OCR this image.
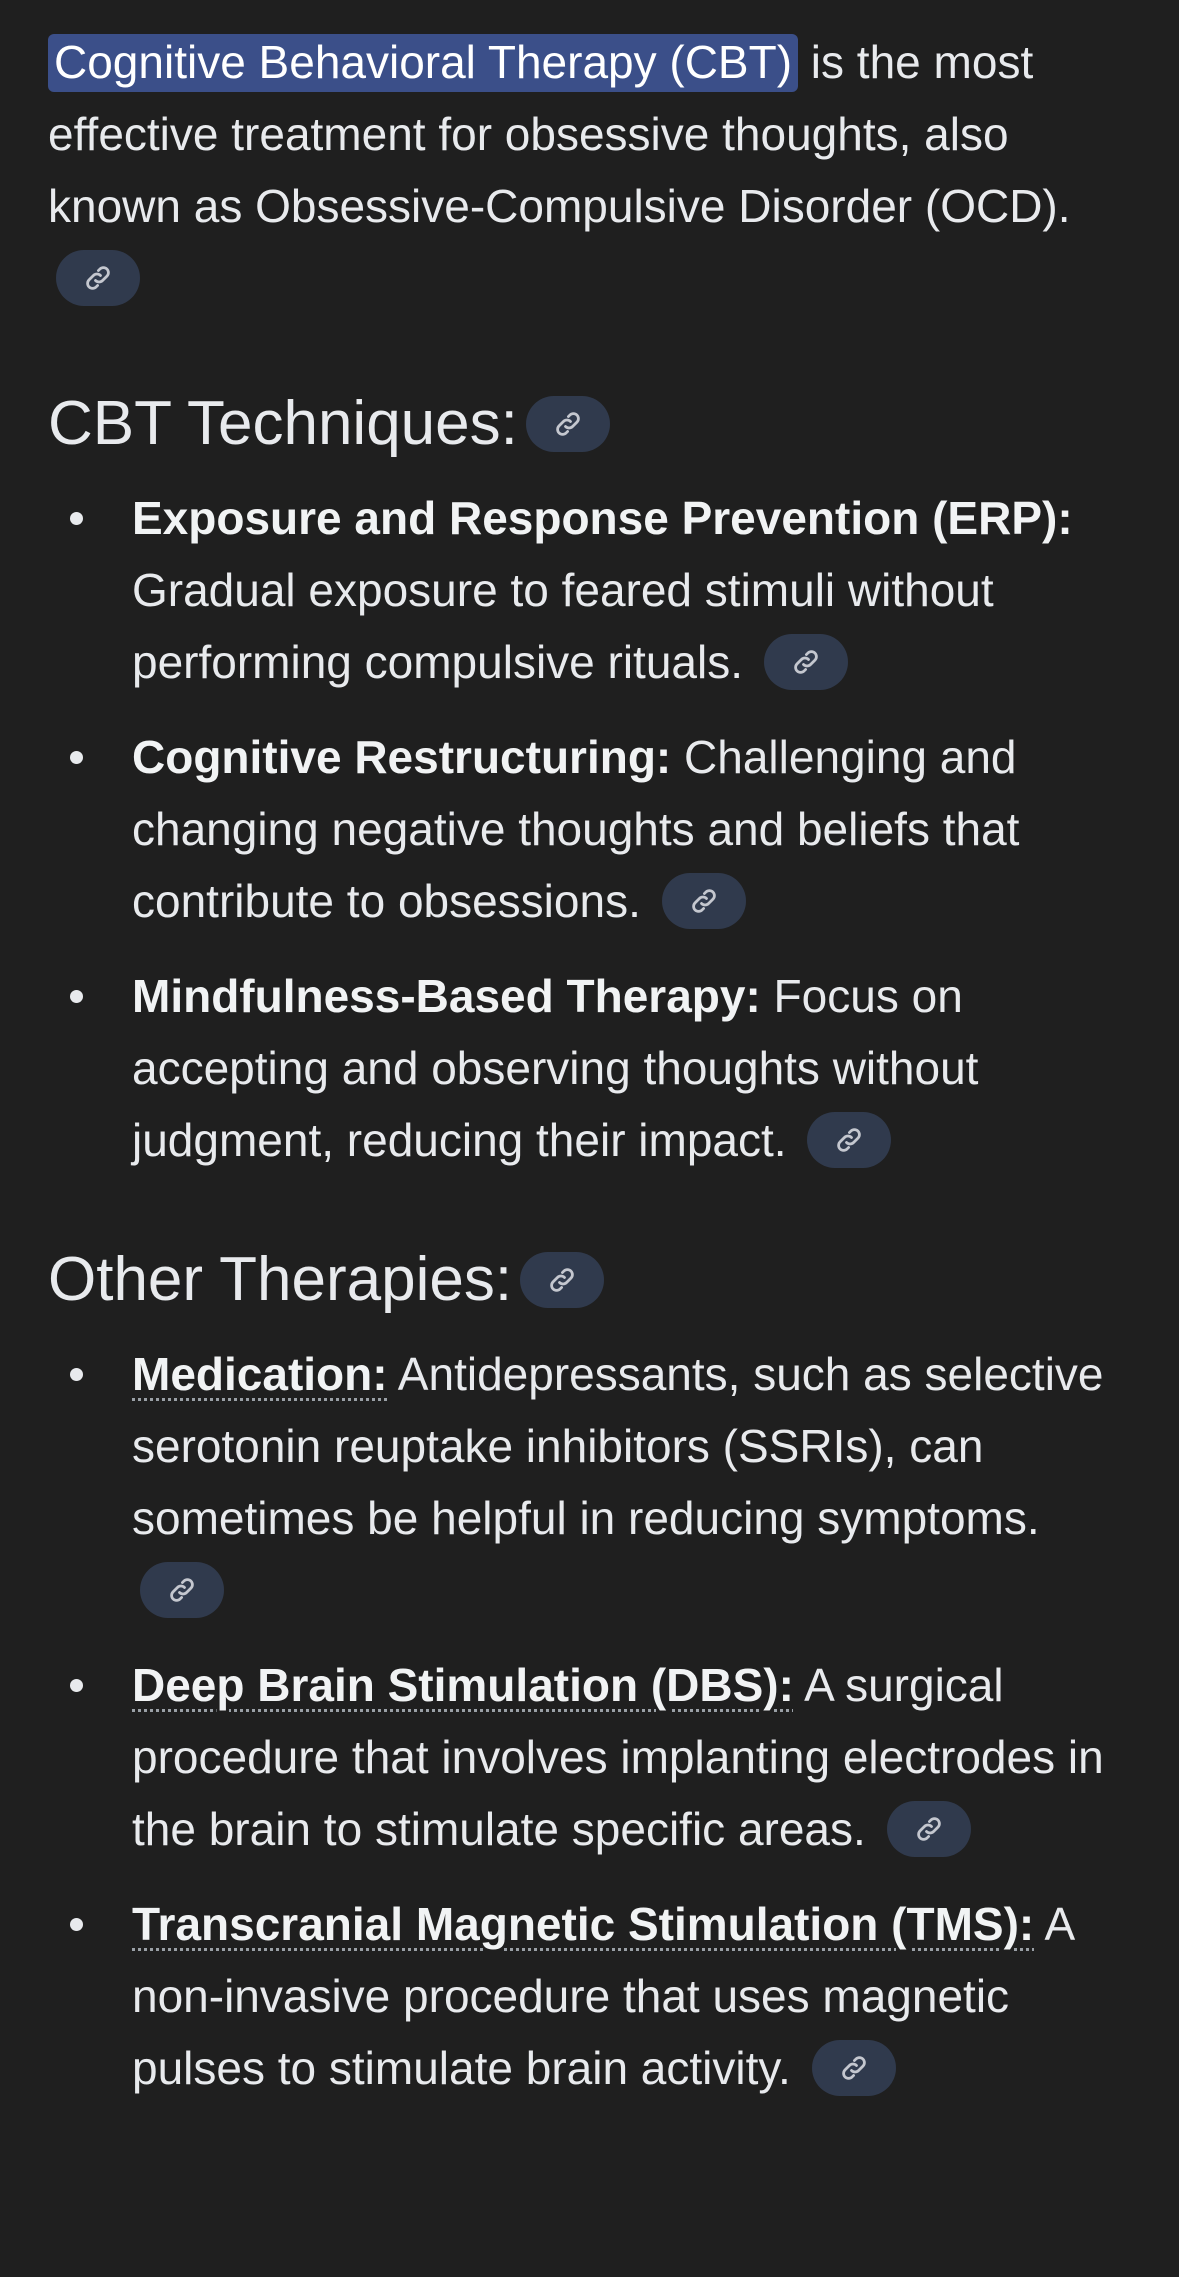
Cognitive Behavioral Therapy (CBT) is the most effective treatment for obsessive thoughts, also known as Obsessive-Compulsive Disorder (OCD).

CBT Techniques:
Exposure and Response Prevention (ERP): Gradual exposure to feared stimuli without performing compulsive rituals.
Cognitive Restructuring: Challenging and changing negative thoughts and beliefs that contribute to obsessions.
Mindfulness-Based Therapy: Focus on accepting and observing thoughts without judgment, reducing their impact.
Other Therapies:
Medication: Antidepressants, such as selective serotonin reuptake inhibitors (SSRIs), can sometimes be helpful in reducing symptoms.
Deep Brain Stimulation (DBS): A surgical procedure that involves implanting electrodes in the brain to stimulate specific areas.
Transcranial Magnetic Stimulation (TMS): A non-invasive procedure that uses magnetic pulses to stimulate brain activity.
